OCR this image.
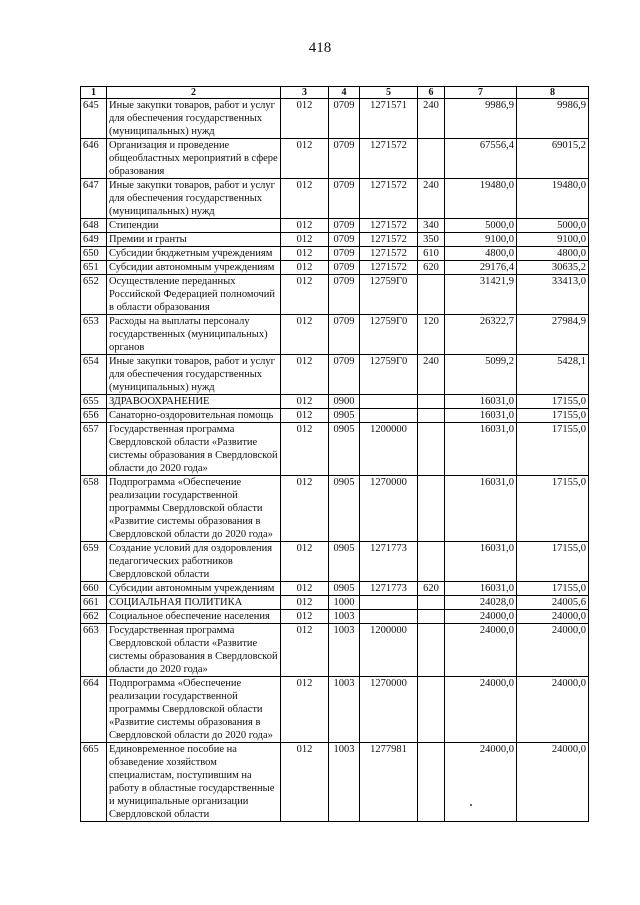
418
1	2	3	4	5	6	7	8
645	Иные закупки товаров, работ и услуг для обеспечения государственных (муниципальных) нужд	012	0709	1271571	240	9986,9	9986,9
646	Организация и проведение общеобластных мероприятий в сфере образования	012	0709	1271572		67556,4	69015,2
647	Иные закупки товаров, работ и услуг для обеспечения государственных (муниципальных) нужд	012	0709	1271572	240	19480,0	19480,0
648	Стипендии	012	0709	1271572	340	5000,0	5000,0
649	Премии и гранты	012	0709	1271572	350	9100,0	9100,0
650	Субсидии бюджетным учреждениям	012	0709	1271572	610	4800,0	4800,0
651	Субсидии автономным учреждениям	012	0709	1271572	620	29176,4	30635,2
652	Осуществление переданных Российской Федерацией полномочий в области образования	012	0709	12759Г0		31421,9	33413,0
653	Расходы на выплаты персоналу государственных (муниципальных) органов	012	0709	12759Г0	120	26322,7	27984,9
654	Иные закупки товаров, работ и услуг для обеспечения государственных (муниципальных) нужд	012	0709	12759Г0	240	5099,2	5428,1
655	ЗДРАВООХРАНЕНИЕ	012	0900			16031,0	17155,0
656	Санаторно-оздоровительная помощь	012	0905			16031,0	17155,0
657	Государственная программа Свердловской области «Развитие системы образования в Свердловской области до 2020 года»	012	0905	1200000		16031,0	17155,0
658	Подпрограмма «Обеспечение реализации государственной программы Свердловской области «Развитие системы образования в Свердловской области до 2020 года»	012	0905	1270000		16031,0	17155,0
659	Создание условий для оздоровления педагогических работников Свердловской области	012	0905	1271773		16031,0	17155,0
660	Субсидии автономным учреждениям	012	0905	1271773	620	16031,0	17155,0
661	СОЦИАЛЬНАЯ ПОЛИТИКА	012	1000			24028,0	24005,6
662	Социальное обеспечение населения	012	1003			24000,0	24000,0
663	Государственная программа Свердловской области «Развитие системы образования в Свердловской области до 2020 года»	012	1003	1200000		24000,0	24000,0
664	Подпрограмма «Обеспечение реализации государственной программы Свердловской области «Развитие системы образования в Свердловской области до 2020 года»	012	1003	1270000		24000,0	24000,0
665	Единовременное пособие на обзаведение хозяйством специалистам, поступившим на работу в областные государственные и муниципальные организации Свердловской области	012	1003	1277981		24000,0	24000,0
